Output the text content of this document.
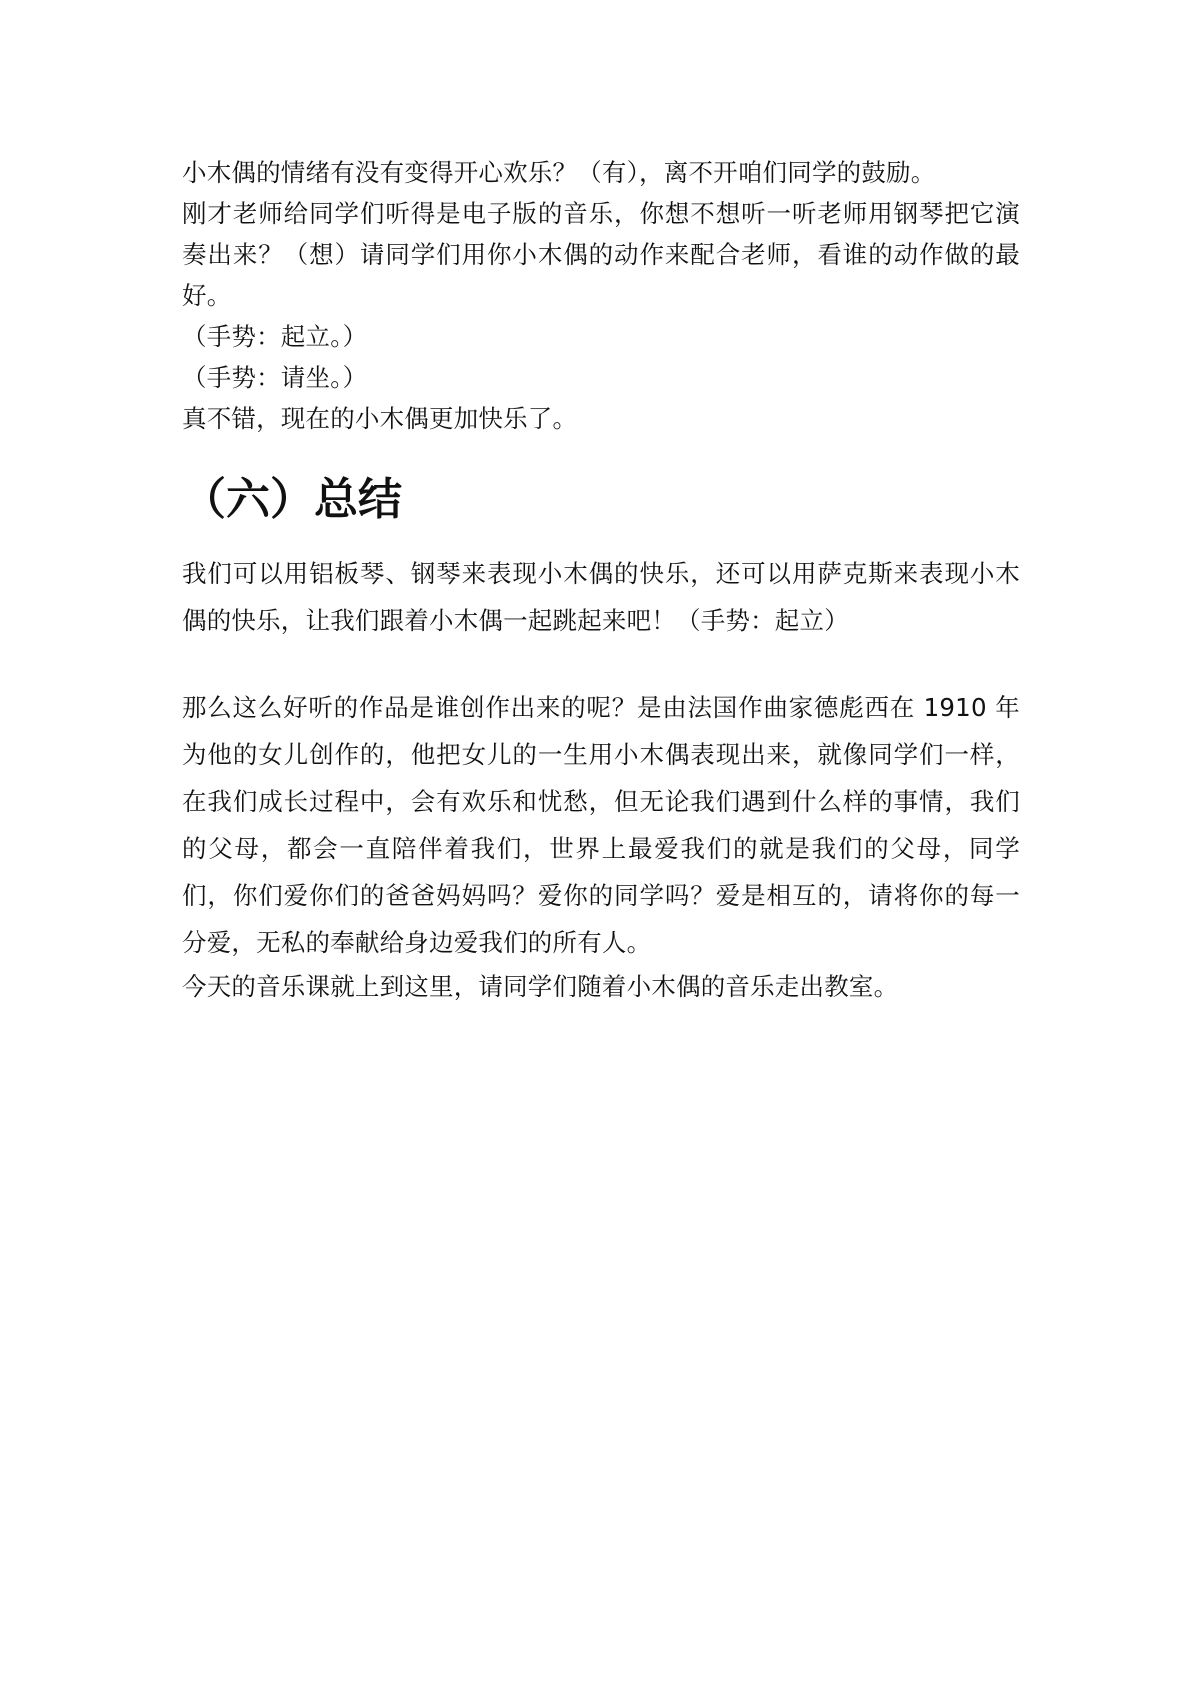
小木偶的情绪有没有变得开心欢乐？（有），离不开咱们同学的鼓励。

刚才老师给同学们听得是电子版的音乐，你想不想听一听老师用钢琴把它演奏出来？（想）请同学们用你小木偶的动作来配合老师，看谁的动作做的最好。

（手势：起立。）

（手势：请坐。）

真不错，现在的小木偶更加快乐了。

（六）总结

我们可以用铝板琴、钢琴来表现小木偶的快乐，还可以用萨克斯来表现小木偶的快乐，让我们跟着小木偶一起跳起来吧！（手势：起立）

那么这么好听的作品是谁创作出来的呢？是由法国作曲家德彪西在 1910 年为他的女儿创作的，他把女儿的一生用小木偶表现出来，就像同学们一样，在我们成长过程中，会有欢乐和忧愁，但无论我们遇到什么样的事情，我们的父母，都会一直陪伴着我们，世界上最爱我们的就是我们的父母，同学们，你们爱你们的爸爸妈妈吗？爱你的同学吗？爱是相互的，请将你的每一分爱，无私的奉献给身边爱我们的所有人。

今天的音乐课就上到这里，请同学们随着小木偶的音乐走出教室。
